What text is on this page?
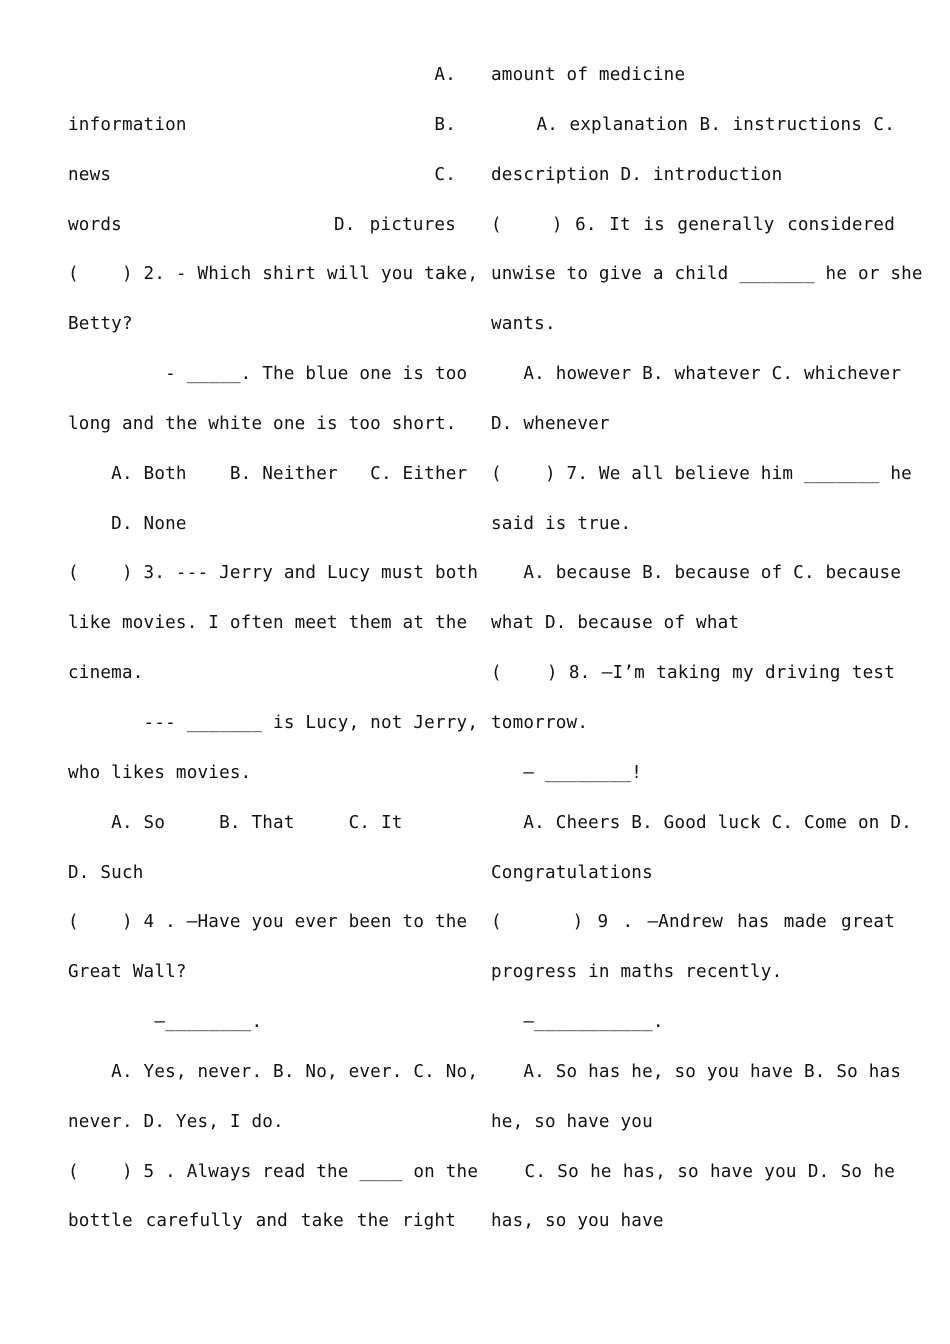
A.
information                  B.
news                         C.
words               D. pictures
(    ) 2. - Which shirt will you take,
Betty?
- _____. The blue one is too
long and the white one is too short.
A. Both    B. Neither   C. Either
D. None
(    ) 3. --- Jerry and Lucy must both
like movies. I often meet them at the
cinema.
--- _______ is Lucy, not Jerry,
who likes movies.
A. So     B. That     C. It
D. Such
(    ) 4 . —Have you ever been to the
Great Wall?
—________.
A. Yes, never. B. No, ever. C. No,
never. D. Yes, I do.
(    ) 5 . Always read the ____ on the
bottle carefully and take the right
amount of medicine
A. explanation B. instructions C.
description D. introduction
(    ) 6. It is generally considered
unwise to give a child _______ he or she
wants.
A. however B. whatever C. whichever
D. whenever
(    ) 7. We all believe him _______ he
said is true.
A. because B. because of C. because
what D. because of what
(    ) 8. —I’m taking my driving test
tomorrow.
— ________!
A. Cheers B. Good luck C. Come on D.
Congratulations
(     ) 9 . —Andrew has made great
progress in maths recently.
—___________.
A. So has he, so you have B. So has
he, so have you
C. So he has, so have you D. So he
has, so you have
